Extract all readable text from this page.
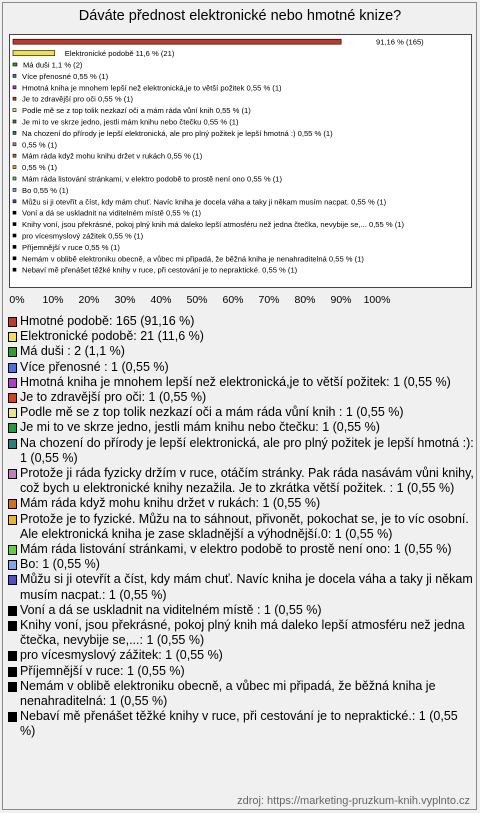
Dáváte přednost elektronické nebo hmotné knize?
91,16 % (165)
Elektronické podobě 11,6 % (21)
Má duši 1,1 % (2)
Více přenosné 0,55 % (1)
Hmotná kniha je mnohem lepší než elektronická,je to větší požitek 0,55 % (1)
Je to zdravější pro oči 0,55 % (1)
Podle mě se z top tolik nezkazí oči a mám ráda vůní knih 0,55 % (1)
Je mi to ve skrze jedno, jestli mám knihu nebo čtečku 0,55 % (1)
Na chození do přírody je lepší elektronická, ale pro plný požitek je lepší hmotná :) 0,55 % (1)
0,55 % (1)
Mám ráda když mohu knihu držet v rukách 0,55 % (1)
0,55 % (1)
Mám ráda listování stránkami, v elektro podobě to prostě není ono 0,55 % (1)
Bo 0,55 % (1)
Můžu si ji otevřít a číst, kdy mám chuť. Navíc kniha je docela váha a taky ji někam musím nacpat. 0,55 % (1)
Voní a dá se uskladnit na viditelném místě 0,55 % (1)
Knihy voní, jsou překrásné, pokoj plný knih má daleko lepší atmosféru než jedna čtečka, nevybije se,... 0,55 % (1)
pro vícesmyslový zážitek 0,55 % (1)
Příjemnější v ruce 0,55 % (1)
Nemám v oblibě elektroniku obecně, a vůbec mi připadá, že běžná kniha je nenahraditelná 0,55 % (1)
Nebaví mě přenášet těžké knihy v ruce, při cestování je to nepraktické. 0,55 % (1)
0% 10% 20% 30% 40% 50% 60% 70% 80% 90% 100%
Hmotné podobě: 165 (91,16 %)
Elektronické podobě: 21 (11,6 %)
Má duši : 2 (1,1 %)
Více přenosné : 1 (0,55 %)
Hmotná kniha je mnohem lepší než elektronická,je to větší požitek: 1 (0,55 %)
Je to zdravější pro oči: 1 (0,55 %)
Podle mě se z top tolik nezkazí oči a mám ráda vůní knih : 1 (0,55 %)
Je mi to ve skrze jedno, jestli mám knihu nebo čtečku: 1 (0,55 %)
Na chození do přírody je lepší elektronická, ale pro plný požitek je lepší hmotná :): 1 (0,55 %)
Protože ji ráda fyzicky držím v ruce, otáčím stránky. Pak ráda nasávám vůni knihy, což bych u elektronické knihy nezažila. Je to zkrátka větší požitek. : 1 (0,55 %)
Mám ráda když mohu knihu držet v rukách: 1 (0,55 %)
Protože je to fyzické. Můžu na to sáhnout, přivonět, pokochat se, je to víc osobní. Ale elektronická kniha je zase skladnější a výhodnější.0: 1 (0,55 %)
Mám ráda listování stránkami, v elektro podobě to prostě není ono: 1 (0,55 %)
Bo: 1 (0,55 %)
Můžu si ji otevřít a číst, kdy mám chuť. Navíc kniha je docela váha a taky ji někam musím nacpat.: 1 (0,55 %)
Voní a dá se uskladnit na viditelném místě : 1 (0,55 %)
Knihy voní, jsou překrásné, pokoj plný knih má daleko lepší atmosféru než jedna čtečka, nevybije se,...: 1 (0,55 %)
pro vícesmyslový zážitek: 1 (0,55 %)
Příjemnější v ruce: 1 (0,55 %)
Nemám v oblibě elektroniku obecně, a vůbec mi připadá, že běžná kniha je nenahraditelná: 1 (0,55 %)
Nebaví mě přenášet těžké knihy v ruce, při cestování je to nepraktické.: 1 (0,55 %)
zdroj: https://marketing-pruzkum-knih.vyplnto.cz
